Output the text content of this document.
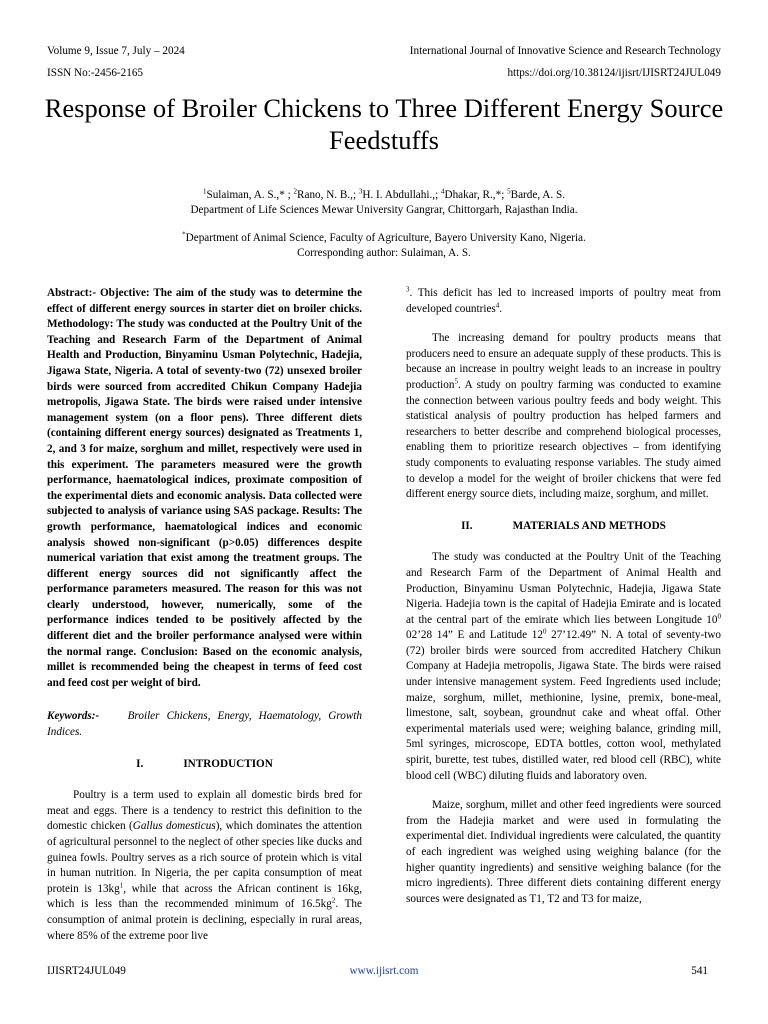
Volume 9, Issue 7, July – 2024	International Journal of Innovative Science and Research Technology
ISSN No:-2456-2165	https://doi.org/10.38124/ijisrt/IJISRT24JUL049
Response of Broiler Chickens to Three Different Energy Source Feedstuffs
$^1$Sulaiman, A. S.,* ; $^2$Rano, N. B.,; $^3$H. I. Abdullahi.,; $^4$Dhakar, R.,*; $^5$Barde, A. S.
Department of Life Sciences Mewar University Gangrar, Chittorgarh, Rajasthan India.
*Department of Animal Science, Faculty of Agriculture, Bayero University Kano, Nigeria.
Corresponding author: Sulaiman, A. S.

Abstract:- Objective: The aim of the study was to determine the effect of different energy sources in starter diet on broiler chicks. Methodology: The study was conducted at the Poultry Unit of the Teaching and Research Farm of the Department of Animal Health and Production, Binyaminu Usman Polytechnic, Hadejia, Jigawa State, Nigeria. A total of seventy-two (72) unsexed broiler birds were sourced from accredited Chikun Company Hadejia metropolis, Jigawa State. The birds were raised under intensive management system (on a floor pens). Three different diets (containing different energy sources) designated as Treatments 1, 2, and 3 for maize, sorghum and millet, respectively were used in this experiment. The parameters measured were the growth performance, haematological indices, proximate composition of the experimental diets and economic analysis. Data collected were subjected to analysis of variance using SAS package. Results: The growth performance, haematological indices and economic analysis showed non-significant (p>0.05) differences despite numerical variation that exist among the treatment groups. The different energy sources did not significantly affect the performance parameters measured. The reason for this was not clearly understood, however, numerically, some of the performance indices tended to be positively affected by the different diet and the broiler performance analysed were within the normal range. Conclusion: Based on the economic analysis, millet is recommended being the cheapest in terms of feed cost and feed cost per weight of bird.

Keywords:-	Broiler Chickens, Energy, Haematology, Growth Indices.

I.	INTRODUCTION

Poultry is a term used to explain all domestic birds bred for meat and eggs. There is a tendency to restrict this definition to the domestic chicken (Gallus domesticus), which dominates the attention of agricultural personnel to the neglect of other species like ducks and guinea fowls. Poultry serves as a rich source of protein which is vital in human nutrition. In Nigeria, the per capita consumption of meat protein is $13kg^1$, while that across the African continent is 16kg, which is less than the recommended minimum of $16.5kg^2$. The consumption of animal protein is declining, especially in rural areas, where 85% of the extreme poor live

$^3$. This deficit has led to increased imports of poultry meat from developed countries$^4$.

The increasing demand for poultry products means that producers need to ensure an adequate supply of these products. This is because an increase in poultry weight leads to an increase in poultry production$^5$. A study on poultry farming was conducted to examine the connection between various poultry feeds and body weight. This statistical analysis of poultry production has helped farmers and researchers to better describe and comprehend biological processes, enabling them to prioritize research objectives – from identifying study components to evaluating response variables. The study aimed to develop a model for the weight of broiler chickens that were fed different energy source diets, including maize, sorghum, and millet.

II.	MATERIALS AND METHODS

The study was conducted at the Poultry Unit of the Teaching and Research Farm of the Department of Animal Health and Production, Binyaminu Usman Polytechnic, Hadejia, Jigawa State Nigeria. Hadejia town is the capital of Hadejia Emirate and is located at the central part of the emirate which lies between Longitude $10^0$ 02’28 14” E and Latitude $12^0$ 27’12.49” N. A total of seventy-two (72) broiler birds were sourced from accredited Hatchery Chikun Company at Hadejia metropolis, Jigawa State. The birds were raised under intensive management system. Feed Ingredients used include; maize, sorghum, millet, methionine, lysine, premix, bone-meal, limestone, salt, soybean, groundnut cake and wheat offal. Other experimental materials used were; weighing balance, grinding mill, 5ml syringes, microscope, EDTA bottles, cotton wool, methylated spirit, burette, test tubes, distilled water, red blood cell (RBC), white blood cell (WBC) diluting fluids and laboratory oven.

Maize, sorghum, millet and other feed ingredients were sourced from the Hadejia market and were used in formulating the experimental diet. Individual ingredients were calculated, the quantity of each ingredient was weighed using weighing balance (for the higher quantity ingredients) and sensitive weighing balance (for the micro ingredients). Three different diets containing different energy sources were designated as T1, T2 and T3 for maize,

IJISRT24JUL049	www.ijisrt.com	541
